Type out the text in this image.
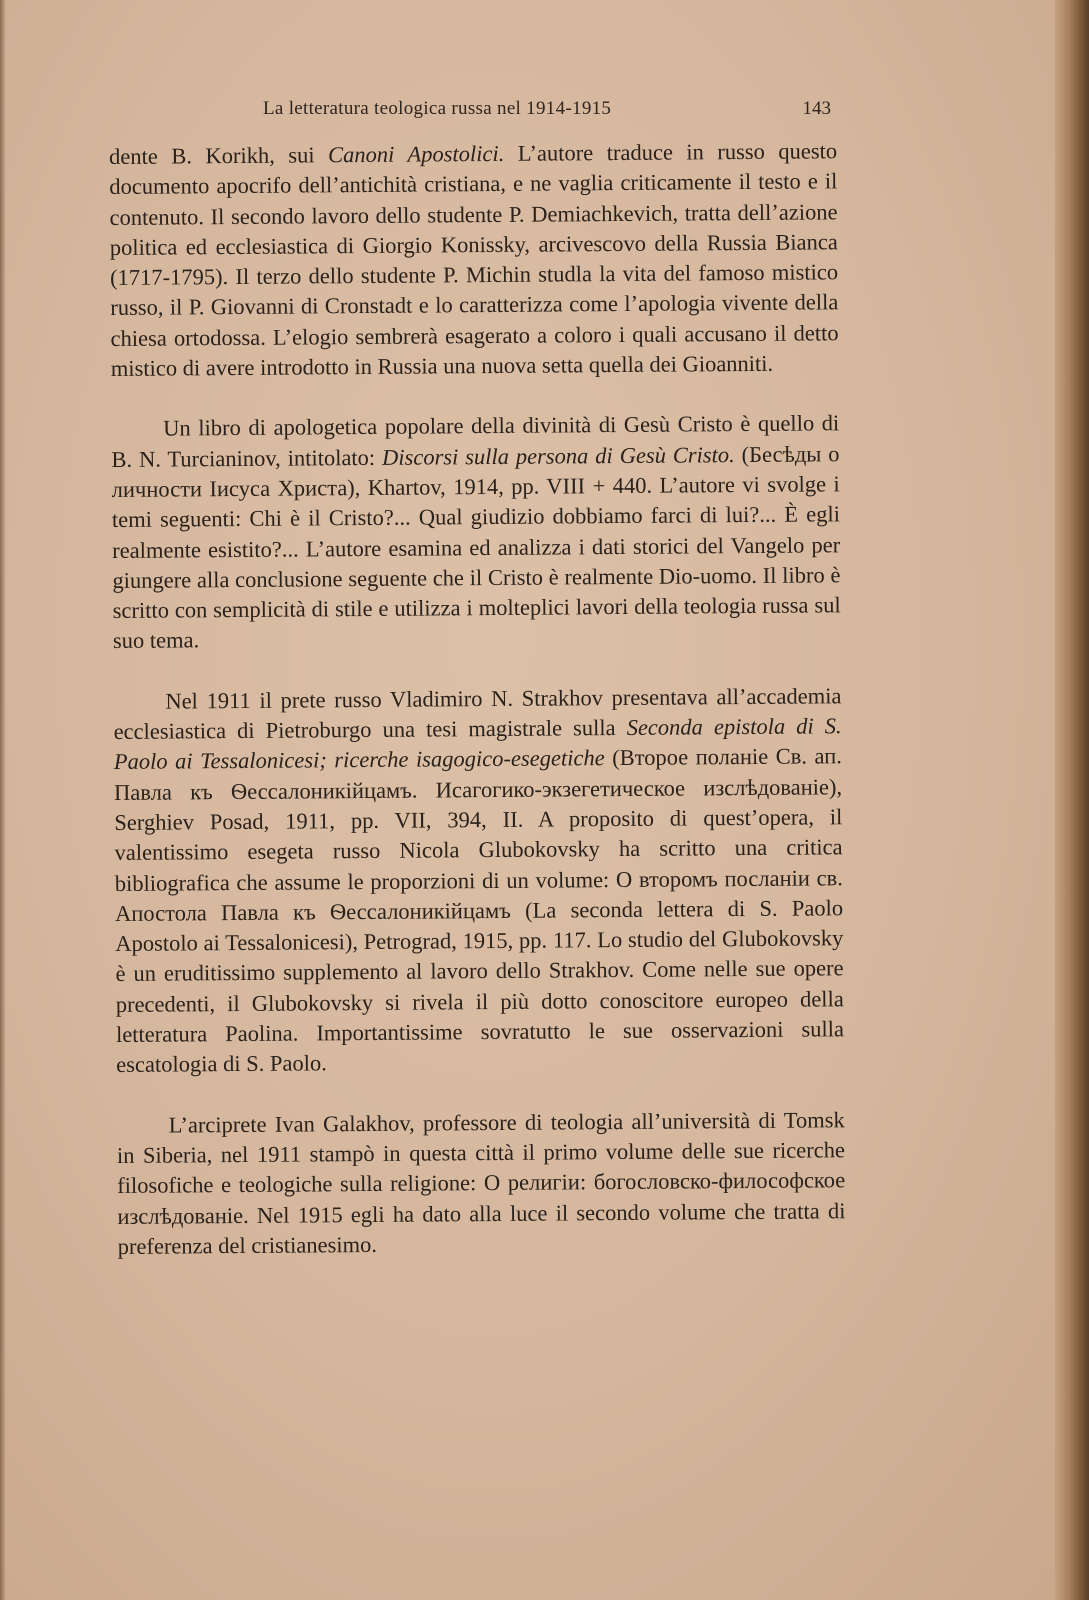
La letteratura teologica russa nel 1914-1915	143

dente B. Korikh, sui Canoni Apostolici. L’autore traduce in russo questo documento apocrifo dell’antichità cristiana, e ne vaglia criticamente il testo e il contenuto. Il secondo lavoro dello studente P. Demiachkevich, tratta dell’azione politica ed ecclesiastica di Giorgio Konissky, arcivescovo della Russia Bianca (1717-1795). Il terzo dello studente P. Michin studla la vita del famoso mistico russo, il P. Giovanni di Cronstadt e lo caratterizza come l’apologia vivente della chiesa ortodossa. L’elogio sembrerà esagerato a coloro i quali accusano il detto mistico di avere introdotto in Russia una nuova setta quella dei Gioanniti.

Un libro di apologetica popolare della divinità di Gesù Cristo è quello di B. N. Turcianinov, intitolato: Discorsi sulla persona di Gesù Cristo. (Бесѣды о личности Іисуса Христа), Khartov, 1914, pp. VIII + 440. L’autore vi svolge i temi seguenti: Chi è il Cristo?... Qual giudizio dobbiamo farci di lui?... È egli realmente esistito?... L’autore esamina ed analizza i dati storici del Vangelo per giungere alla conclusione seguente che il Cristo è realmente Dio-uomo. Il libro è scritto con semplicità di stile e utilizza i molteplici lavori della teologia russa sul suo tema.

Nel 1911 il prete russo Vladimiro N. Strakhov presentava all’accademia ecclesiastica di Pietroburgo una tesi magistrale sulla Seconda epistola di S. Paolo ai Tessalonicesi; ricerche isagogico-esegetiche (Второе поланіе Св. ап. Павла къ Ѳессалоникійцамъ. Исагогико-экзегетическое изслѣдованіе), Serghiev Posad, 1911, pp. VII, 394, II. A proposito di quest’opera, il valentissimo esegeta russo Nicola Glubokovsky ha scritto una critica bibliografica che assume le proporzioni di un volume: О второмъ посланіи св. Апостола Павла къ Ѳессалоникійцамъ (La seconda lettera di S. Paolo Apostolo ai Tessalonicesi), Petrograd, 1915, pp. 117. Lo studio del Glubokovsky è un eruditissimo supplemento al lavoro dello Strakhov. Come nelle sue opere precedenti, il Glubokovsky si rivela il più dotto conoscitore europeo della letteratura Paolina. Importantissime sovratutto le sue osservazioni sulla escatologia di S. Paolo.

L’arciprete Ivan Galakhov, professore di teologia all’università di Tomsk in Siberia, nel 1911 stampò in questa città il primo volume delle sue ricerche filosofiche e teologiche sulla religione: О религіи: богословско-философское изслѣдованіе. Nel 1915 egli ha dato alla luce il secondo volume che tratta di preferenza del cristianesimo.
